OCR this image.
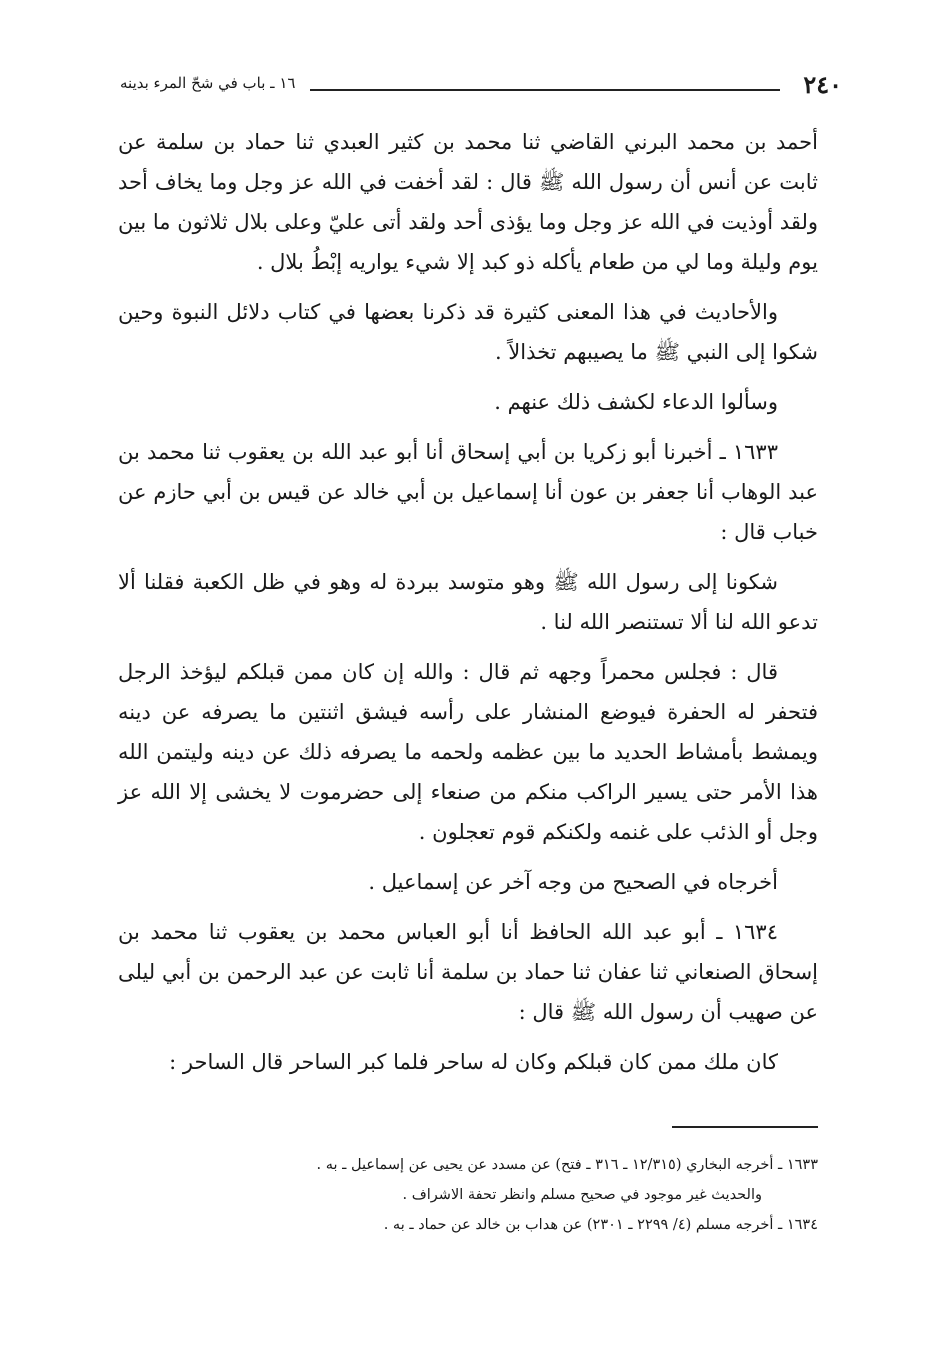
٢٤٠
١٦ ـ باب في شحّ المرء بدينه

أحمد بن محمد البرني القاضي ثنا محمد بن كثير العبدي ثنا حماد بن سلمة عن ثابت عن أنس أن رسول الله ﷺ قال : لقد أخفت في الله عز وجل وما يخاف أحد ولقد أوذيت في الله عز وجل وما يؤذى أحد ولقد أتى عليّ وعلى بلال ثلاثون ما بين يوم وليلة وما لي من طعام يأكله ذو كبد إلا شيء يواريه إبْطُ بلال .

والأحاديث في هذا المعنى كثيرة قد ذكرنا بعضها في كتاب دلائل النبوة وحين شكوا إلى النبي ﷺ ما يصيبهم تخذالاً .

وسألوا الدعاء لكشف ذلك عنهم .

١٦٣٣ ـ أخبرنا أبو زكريا بن أبي إسحاق أنا أبو عبد الله بن يعقوب ثنا محمد بن عبد الوهاب أنا جعفر بن عون أنا إسماعيل بن أبي خالد عن قيس بن أبي حازم عن خباب قال :

شكونا إلى رسول الله ﷺ وهو متوسد ببردة له وهو في ظل الكعبة فقلنا ألا تدعو الله لنا ألا تستنصر الله لنا .

قال : فجلس محمراً وجهه ثم قال : والله إن كان ممن قبلكم ليؤخذ الرجل فتحفر له الحفرة فيوضع المنشار على رأسه فيشق اثنتين ما يصرفه عن دينه ويمشط بأمشاط الحديد ما بين عظمه ولحمه ما يصرفه ذلك عن دينه وليتمن الله هذا الأمر حتى يسير الراكب منكم من صنعاء إلى حضرموت لا يخشى إلا الله عز وجل أو الذئب على غنمه ولكنكم قوم تعجلون .

أخرجاه في الصحيح من وجه آخر عن إسماعيل .

١٦٣٤ ـ أبو عبد الله الحافظ أنا أبو العباس محمد بن يعقوب ثنا محمد بن إسحاق الصنعاني ثنا عفان ثنا حماد بن سلمة أنا ثابت عن عبد الرحمن بن أبي ليلى عن صهيب أن رسول الله ﷺ قال :

كان ملك ممن كان قبلكم وكان له ساحر فلما كبر الساحر قال الساحر :

١٦٣٣ ـ أخرجه البخاري (١٢/٣١٥ ـ ٣١٦ ـ فتح) عن مسدد عن يحيى عن إسماعيل ـ به .

والحديث غير موجود في صحيح مسلم وانظر تحفة الاشراف .

١٦٣٤ ـ أخرجه مسلم (٤/ ٢٢٩٩ ـ ٢٣٠١) عن هداب بن خالد عن حماد ـ به .
